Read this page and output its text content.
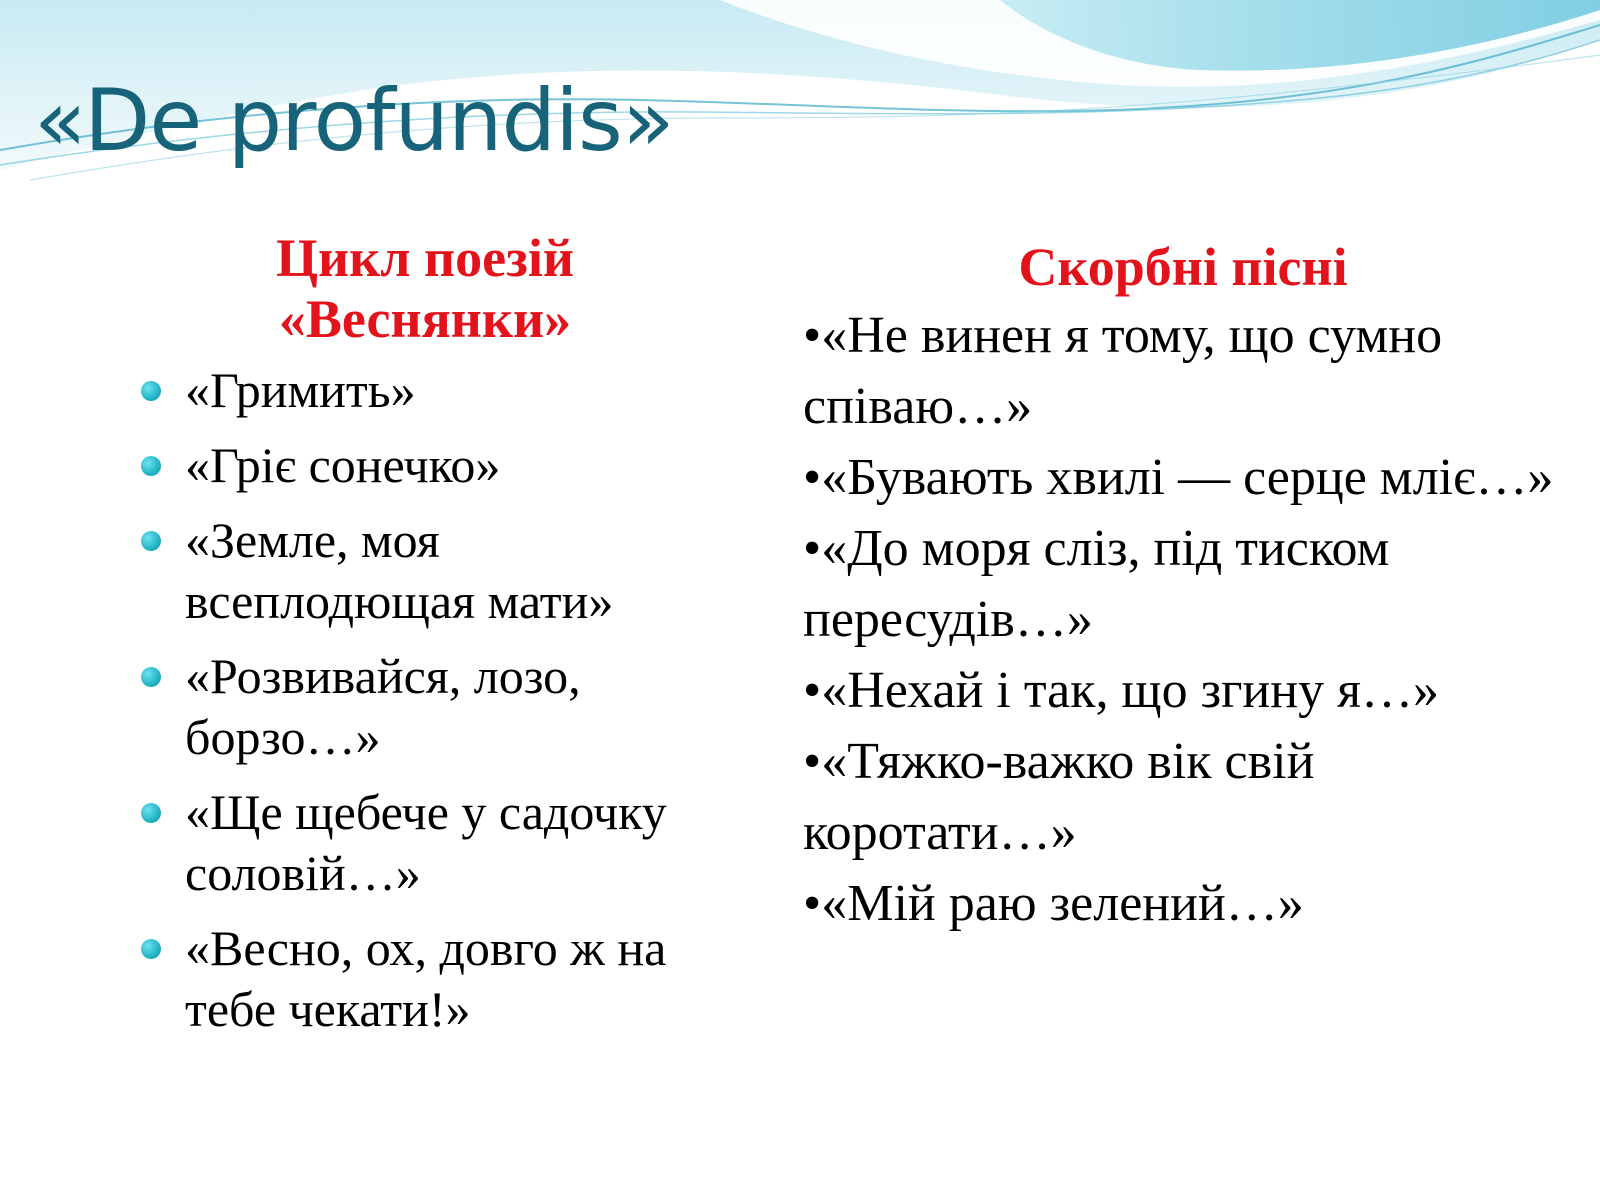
«De profundis»
Цикл поезій
«Веснянки»
«Гримить»
«Гріє сонечко»
«Земле, моя всеплодющая мати»
«Розвивайся, лозо, борзо…»
«Ще щебече у садочку соловій…»
«Весно, ох, довго ж на тебе чекати!»
Скорбні пісні
•«Не винен я тому, що сумно співаю…»
•«Бувають хвилі — серце мліє…»
•«До моря сліз, під тиском пересудів…»
•«Нехай і так, що згину я…»
•«Тяжко-важко вік свій коротати…»
•«Мій раю зелений…»
